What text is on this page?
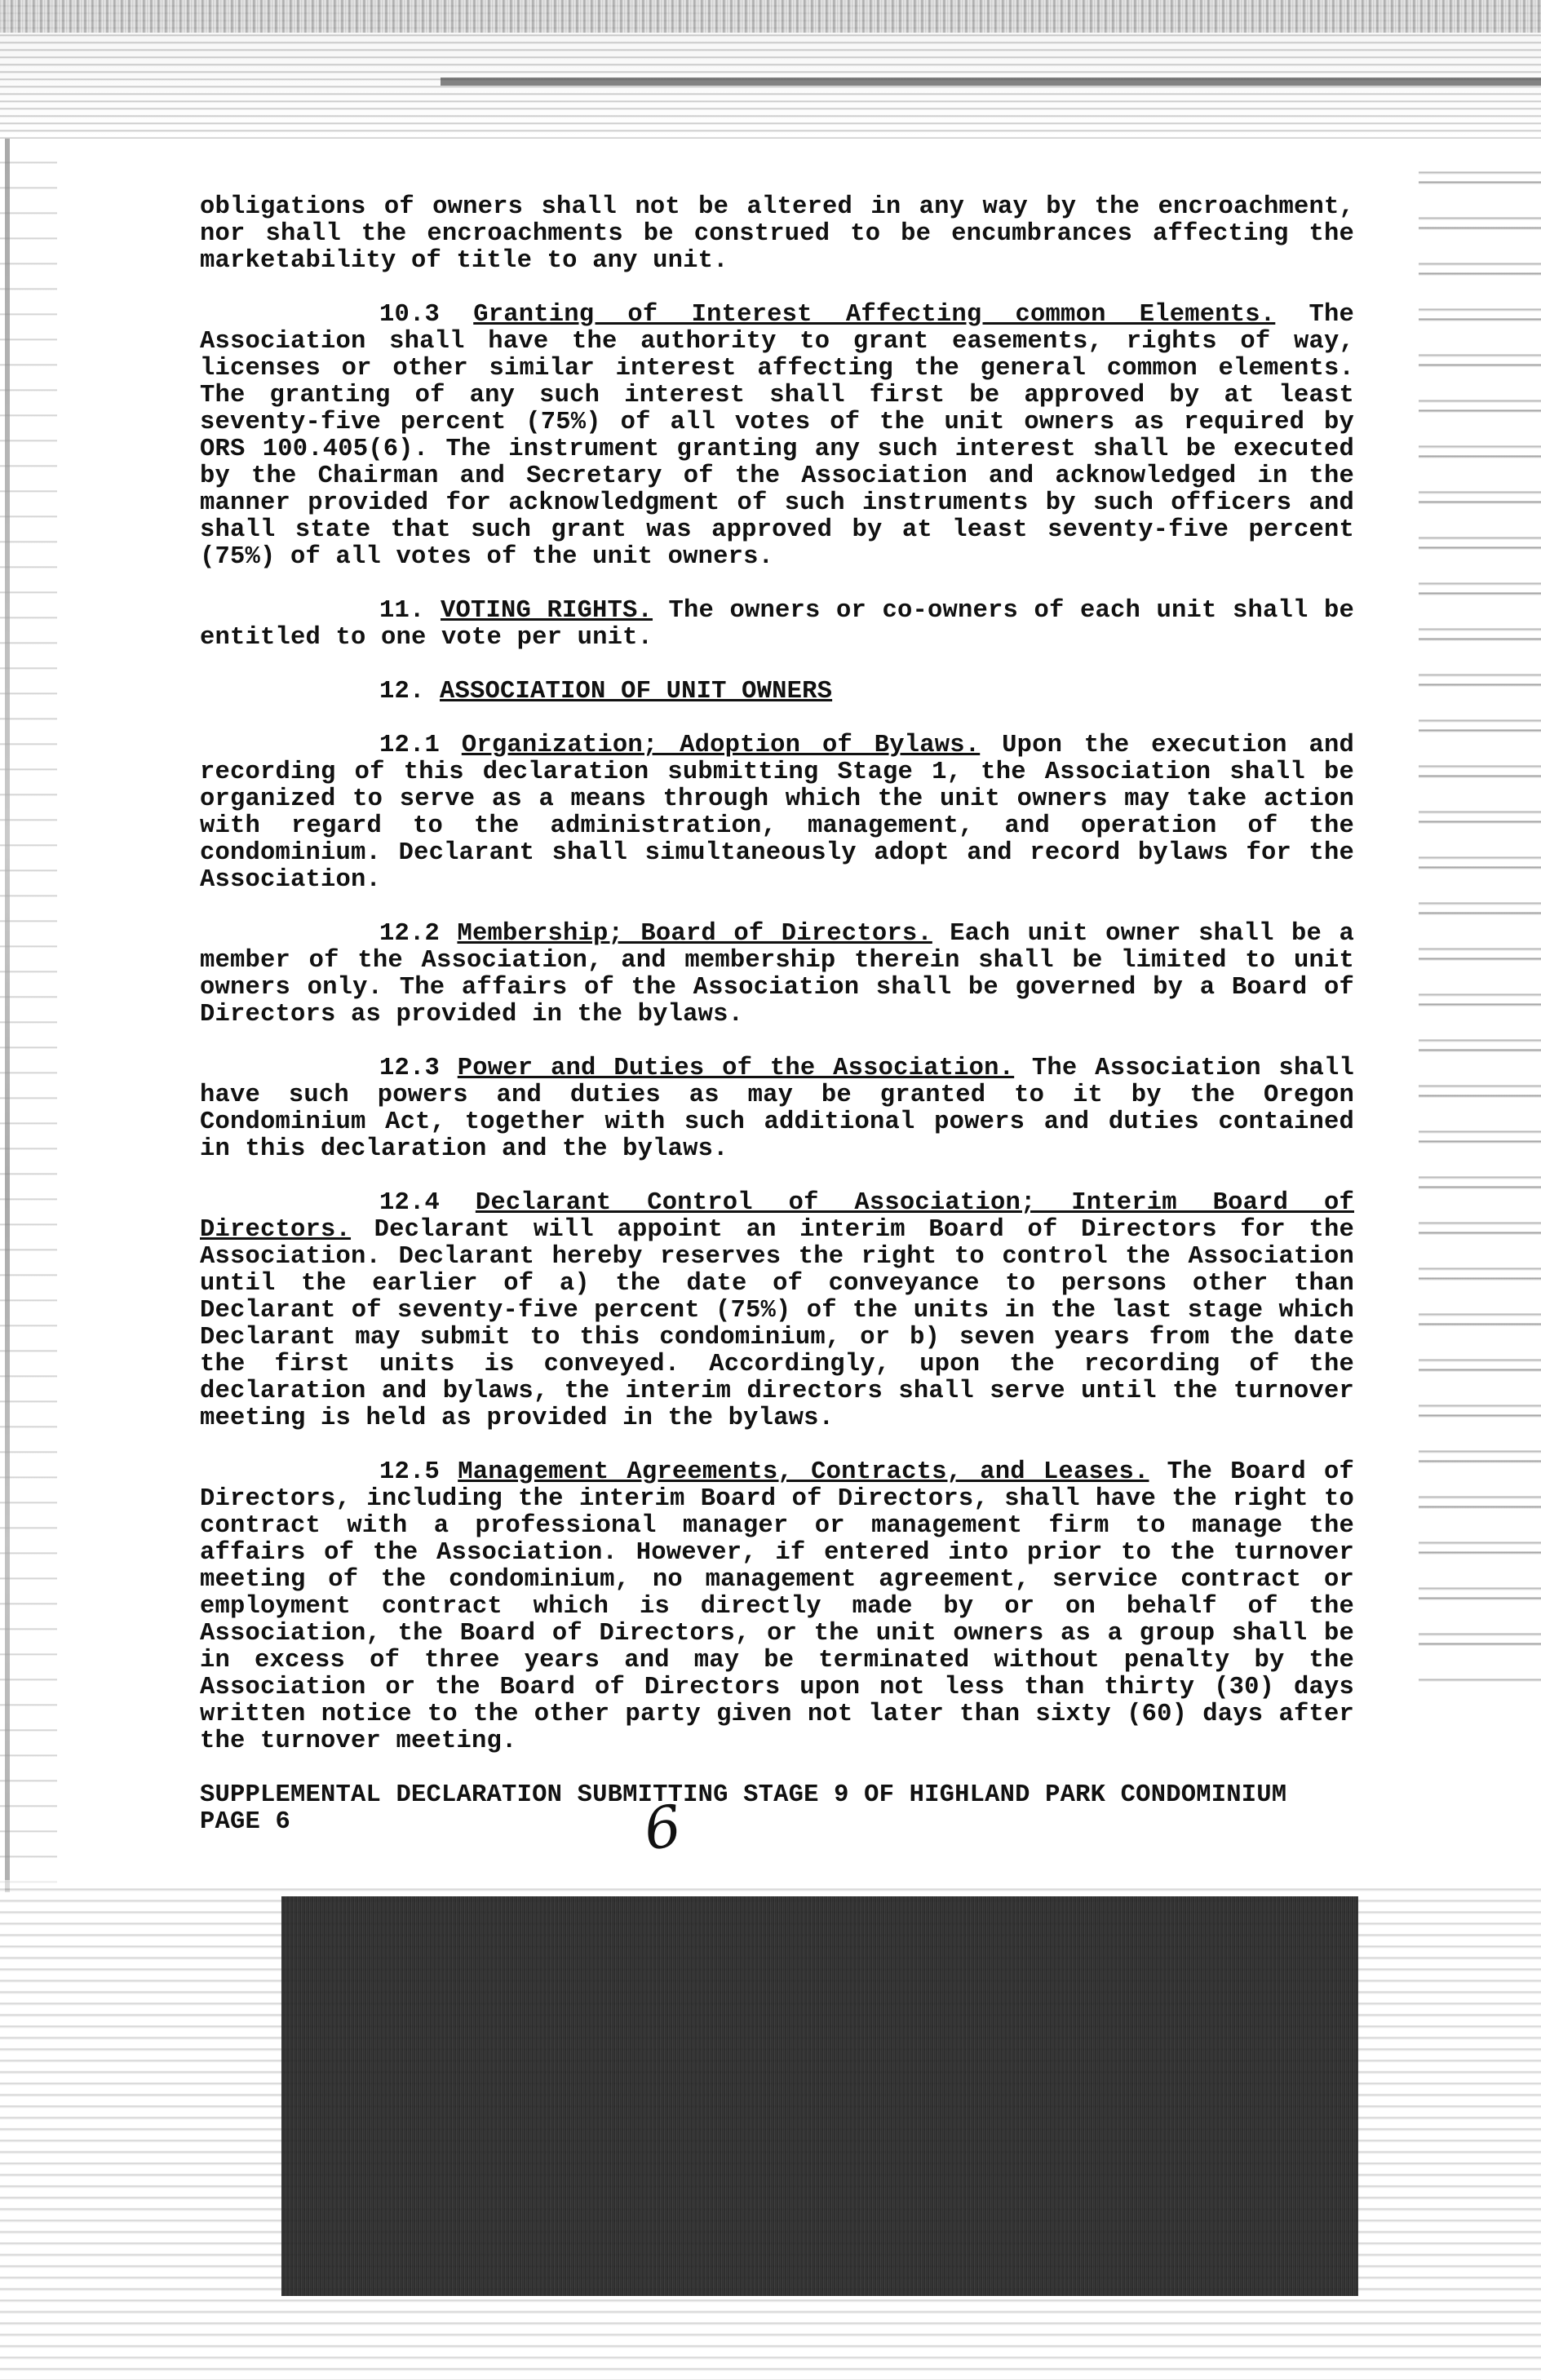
obligations of owners shall not be altered in any way by the encroachment, nor shall the encroachments be construed to be encumbrances affecting the marketability of title to any unit.

10.3 Granting of Interest Affecting common Elements. The Association shall have the authority to grant easements, rights of way, licenses or other similar interest affecting the general common elements. The granting of any such interest shall first be approved by at least seventy-five percent (75%) of all votes of the unit owners as required by ORS 100.405(6). The instrument granting any such interest shall be executed by the Chairman and Secretary of the Association and acknowledged in the manner provided for acknowledgment of such instruments by such officers and shall state that such grant was approved by at least seventy-five percent (75%) of all votes of the unit owners.

11. VOTING RIGHTS. The owners or co-owners of each unit shall be entitled to one vote per unit.

12. ASSOCIATION OF UNIT OWNERS

12.1 Organization; Adoption of Bylaws. Upon the execution and recording of this declaration submitting Stage 1, the Association shall be organized to serve as a means through which the unit owners may take action with regard to the administration, management, and operation of the condominium. Declarant shall simultaneously adopt and record bylaws for the Association.

12.2 Membership; Board of Directors. Each unit owner shall be a member of the Association, and membership therein shall be limited to unit owners only. The affairs of the Association shall be governed by a Board of Directors as provided in the bylaws.

12.3 Power and Duties of the Association. The Association shall have such powers and duties as may be granted to it by the Oregon Condominium Act, together with such additional powers and duties contained in this declaration and the bylaws.

12.4 Declarant Control of Association; Interim Board of Directors. Declarant will appoint an interim Board of Directors for the Association. Declarant hereby reserves the right to control the Association until the earlier of a) the date of conveyance to persons other than Declarant of seventy-five percent (75%) of the units in the last stage which Declarant may submit to this condominium, or b) seven years from the date the first units is conveyed. Accordingly, upon the recording of the declaration and bylaws, the interim directors shall serve until the turnover meeting is held as provided in the bylaws.

12.5 Management Agreements, Contracts, and Leases. The Board of Directors, including the interim Board of Directors, shall have the right to contract with a professional manager or management firm to manage the affairs of the Association. However, if entered into prior to the turnover meeting of the condominium, no management agreement, service contract or employment contract which is directly made by or on behalf of the Association, the Board of Directors, or the unit owners as a group shall be in excess of three years and may be terminated without penalty by the Association or the Board of Directors upon not less than thirty (30) days written notice to the other party given not later than sixty (60) days after the turnover meeting.

SUPPLEMENTAL DECLARATION SUBMITTING STAGE 9 OF HIGHLAND PARK CONDOMINIUM

PAGE 6	6
